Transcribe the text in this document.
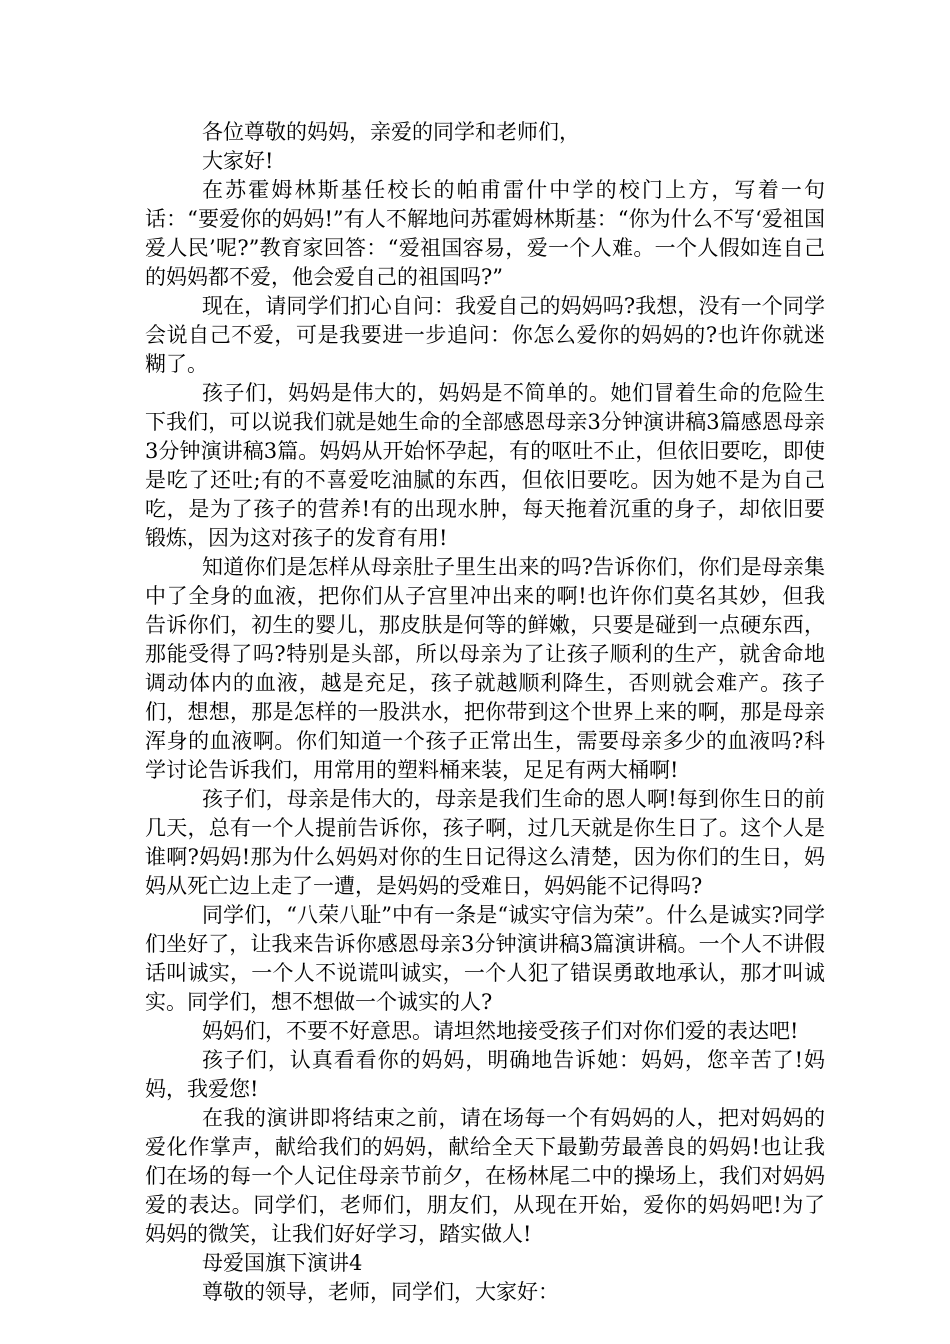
各位尊敬的妈妈，亲爱的同学和老师们，

大家好!

在苏霍姆林斯基任校长的帕甫雷什中学的校门上方，写着一句话：“要爱你的妈妈!”有人不解地问苏霍姆林斯基：“你为什么不写‘爱祖国爱人民’呢?”教育家回答：“爱祖国容易，爱一个人难。一个人假如连自己的妈妈都不爱，他会爱自己的祖国吗?”

现在，请同学们扪心自问：我爱自己的妈妈吗?我想，没有一个同学会说自己不爱，可是我要进一步追问：你怎么爱你的妈妈的?也许你就迷糊了。

孩子们，妈妈是伟大的，妈妈是不简单的。她们冒着生命的危险生下我们，可以说我们就是她生命的全部感恩母亲3分钟演讲稿3篇感恩母亲3分钟演讲稿3篇。妈妈从开始怀孕起，有的呕吐不止，但依旧要吃，即使是吃了还吐;有的不喜爱吃油腻的东西，但依旧要吃。因为她不是为自己吃，是为了孩子的营养!有的出现水肿，每天拖着沉重的身子，却依旧要锻炼，因为这对孩子的发育有用!

知道你们是怎样从母亲肚子里生出来的吗?告诉你们，你们是母亲集中了全身的血液，把你们从子宫里冲出来的啊!也许你们莫名其妙，但我告诉你们，初生的婴儿，那皮肤是何等的鲜嫩，只要是碰到一点硬东西，那能受得了吗?特别是头部，所以母亲为了让孩子顺利的生产，就舍命地调动体内的血液，越是充足，孩子就越顺利降生，否则就会难产。孩子们，想想，那是怎样的一股洪水，把你带到这个世界上来的啊，那是母亲浑身的血液啊。你们知道一个孩子正常出生，需要母亲多少的血液吗?科学讨论告诉我们，用常用的塑料桶来装，足足有两大桶啊!

孩子们，母亲是伟大的，母亲是我们生命的恩人啊!每到你生日的前几天，总有一个人提前告诉你，孩子啊，过几天就是你生日了。这个人是谁啊?妈妈!那为什么妈妈对你的生日记得这么清楚，因为你们的生日，妈妈从死亡边上走了一遭，是妈妈的受难日，妈妈能不记得吗?

同学们，“八荣八耻”中有一条是“诚实守信为荣”。什么是诚实?同学们坐好了，让我来告诉你感恩母亲3分钟演讲稿3篇演讲稿。一个人不讲假话叫诚实，一个人不说谎叫诚实，一个人犯了错误勇敢地承认，那才叫诚实。同学们，想不想做一个诚实的人?

妈妈们，不要不好意思。请坦然地接受孩子们对你们爱的表达吧!

孩子们，认真看看你的妈妈，明确地告诉她：妈妈，您辛苦了!妈妈，我爱您!

在我的演讲即将结束之前，请在场每一个有妈妈的人，把对妈妈的爱化作掌声，献给我们的妈妈，献给全天下最勤劳最善良的妈妈!也让我们在场的每一个人记住母亲节前夕，在杨林尾二中的操场上，我们对妈妈爱的表达。同学们，老师们，朋友们，从现在开始，爱你的妈妈吧!为了妈妈的微笑，让我们好好学习，踏实做人!

母爱国旗下演讲4

尊敬的领导，老师，同学们，大家好：
